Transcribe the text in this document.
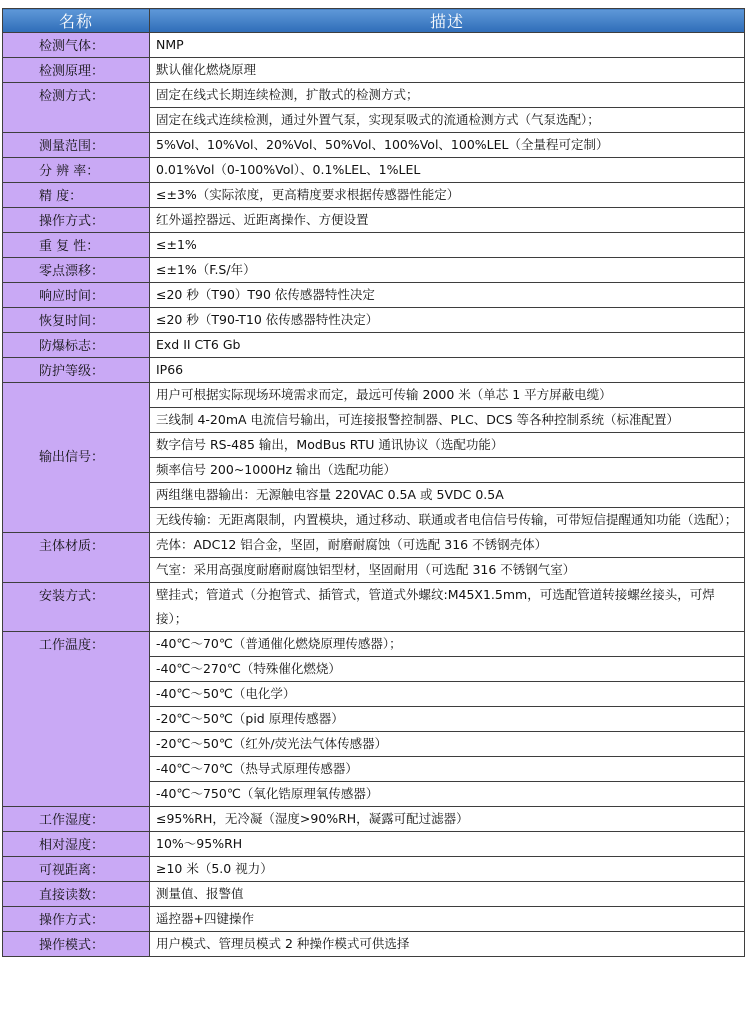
名称	描述

检测气体：	NMP

检测原理：	默认催化燃烧原理

检测方式：	固定在线式长期连续检测，扩散式的检测方式；
	固定在线式连续检测，通过外置气泵，实现泵吸式的流通检测方式（气泵选配）；

测量范围：	5%Vol、10%Vol、20%Vol、50%Vol、100%Vol、100%LEL（全量程可定制）

分 辨 率：	0.01%Vol（0-100%Vol）、0.1%LEL、1%LEL

精 度：	≤±3%（实际浓度，更高精度要求根据传感器性能定）

操作方式：	红外遥控器远、近距离操作、方便设置

重 复 性：	≤±1%

零点漂移：	≤±1%（F.S/年）

响应时间：	≤20 秒（T90）T90 依传感器特性决定

恢复时间：	≤20 秒（T90-T10 依传感器特性决定）

防爆标志：	Exd II CT6 Gb

防护等级：	IP66

输出信号：	用户可根据实际现场环境需求而定，最远可传输 2000 米（单芯 1 平方屏蔽电缆）
	三线制 4-20mA 电流信号输出，可连接报警控制器、PLC、DCS 等各种控制系统（标准配置）
	数字信号 RS-485 输出，ModBus RTU 通讯协议（选配功能）
	频率信号 200~1000Hz 输出（选配功能）
	两组继电器输出：无源触电容量 220VAC 0.5A 或 5VDC 0.5A
	无线传输：无距离限制，内置模块，通过移动、联通或者电信信号传输，可带短信提醒通知功能（选配）；

主体材质：	壳体：ADC12 铝合金，坚固，耐磨耐腐蚀（可选配 316 不锈钢壳体）
	气室：采用高强度耐磨耐腐蚀铝型材，坚固耐用（可选配 316 不锈钢气室）

安装方式：	壁挂式；管道式（分抱管式、插管式，管道式外螺纹:M45X1.5mm，可选配管道转接螺丝接头，可焊接）；

工作温度：	-40℃～70℃（普通催化燃烧原理传感器）；
	-40℃～270℃（特殊催化燃烧）
	-40℃～50℃（电化学）
	-20℃～50℃（pid 原理传感器）
	-20℃～50℃（红外/荧光法气体传感器）
	-40℃～70℃（热导式原理传感器）
	-40℃～750℃（氧化锆原理氧传感器）

工作湿度：	≤95%RH，无冷凝（湿度>90%RH，凝露可配过滤器）

相对湿度：	10%～95%RH

可视距离：	≥10 米（5.0 视力）

直接读数：	测量值、报警值

操作方式：	遥控器+四键操作

操作模式：	用户模式、管理员模式 2 种操作模式可供选择
